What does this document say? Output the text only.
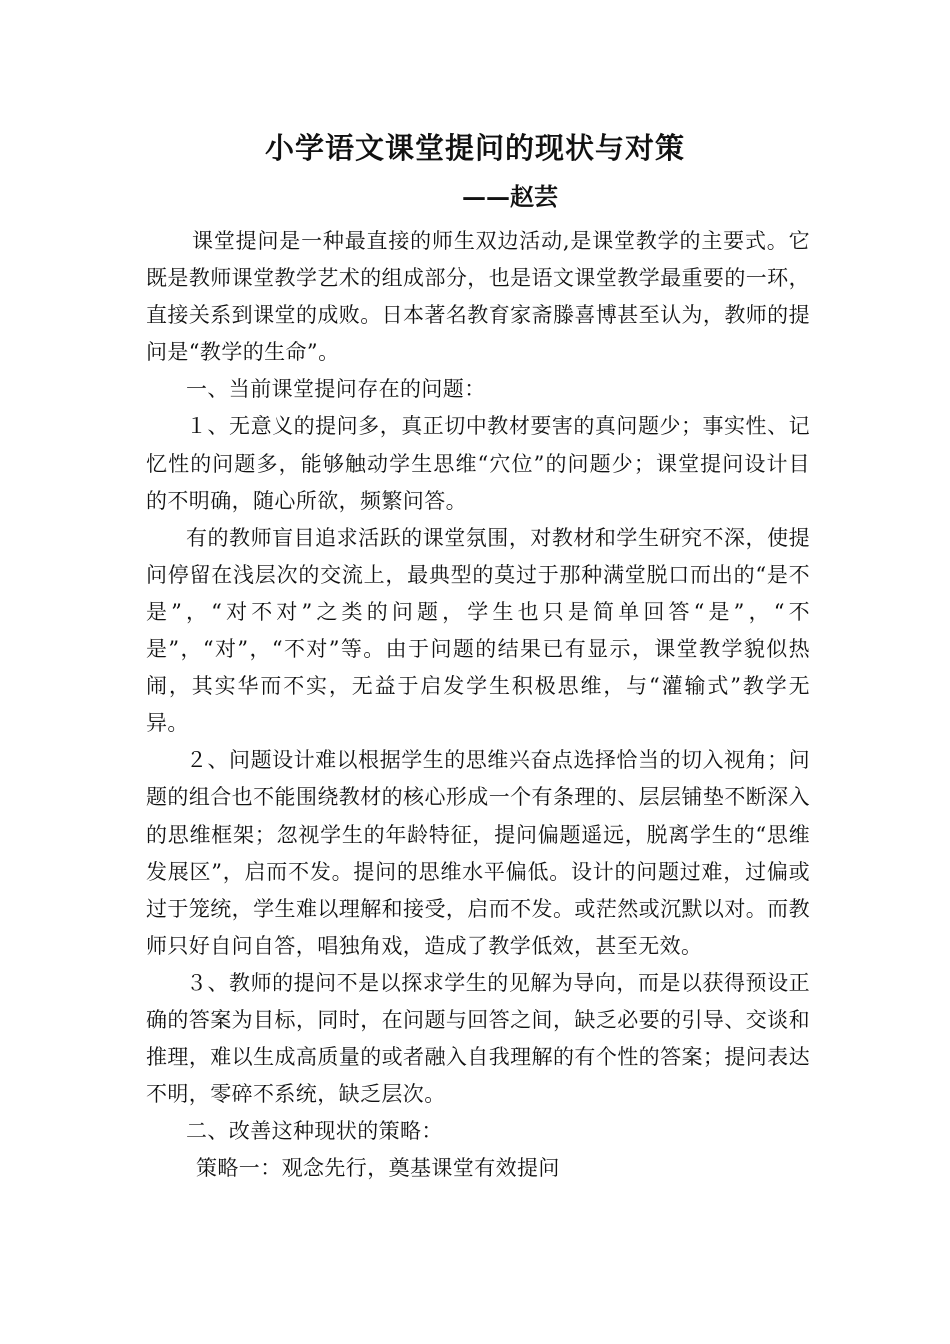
小学语文课堂提问的现状与对策
——赵芸

课堂提问是一种最直接的师生双边活动,是课堂教学的主要式。它既是教师课堂教学艺术的组成部分，也是语文课堂教学最重要的一环，直接关系到课堂的成败。日本著名教育家斋滕喜博甚至认为，教师的提问是“教学的生命”。

一、当前课堂提问存在的问题：

１、无意义的提问多，真正切中教材要害的真问题少；事实性、记忆性的问题多，能够触动学生思维“穴位”的问题少；课堂提问设计目的不明确，随心所欲，频繁问答。

有的教师盲目追求活跃的课堂氛围，对教材和学生研究不深，使提问停留在浅层次的交流上，最典型的莫过于那种满堂脱口而出的“是不是”，“对不对”之类的问题，学生也只是简单回答“是”，“不是”，“对”，“不对”等。由于问题的结果已有显示，课堂教学貌似热闹，其实华而不实，无益于启发学生积极思维，与“灌输式”教学无异。

２、问题设计难以根据学生的思维兴奋点选择恰当的切入视角；问题的组合也不能围绕教材的核心形成一个有条理的、层层铺垫不断深入的思维框架；忽视学生的年龄特征，提问偏题遥远，脱离学生的“思维发展区”，启而不发。提问的思维水平偏低。设计的问题过难，过偏或过于笼统，学生难以理解和接受，启而不发。或茫然或沉默以对。而教师只好自问自答，唱独角戏，造成了教学低效，甚至无效。

３、教师的提问不是以探求学生的见解为导向，而是以获得预设正确的答案为目标，同时，在问题与回答之间，缺乏必要的引导、交谈和推理，难以生成高质量的或者融入自我理解的有个性的答案；提问表达不明，零碎不系统，缺乏层次。

二、改善这种现状的策略：

策略一：观念先行，奠基课堂有效提问
